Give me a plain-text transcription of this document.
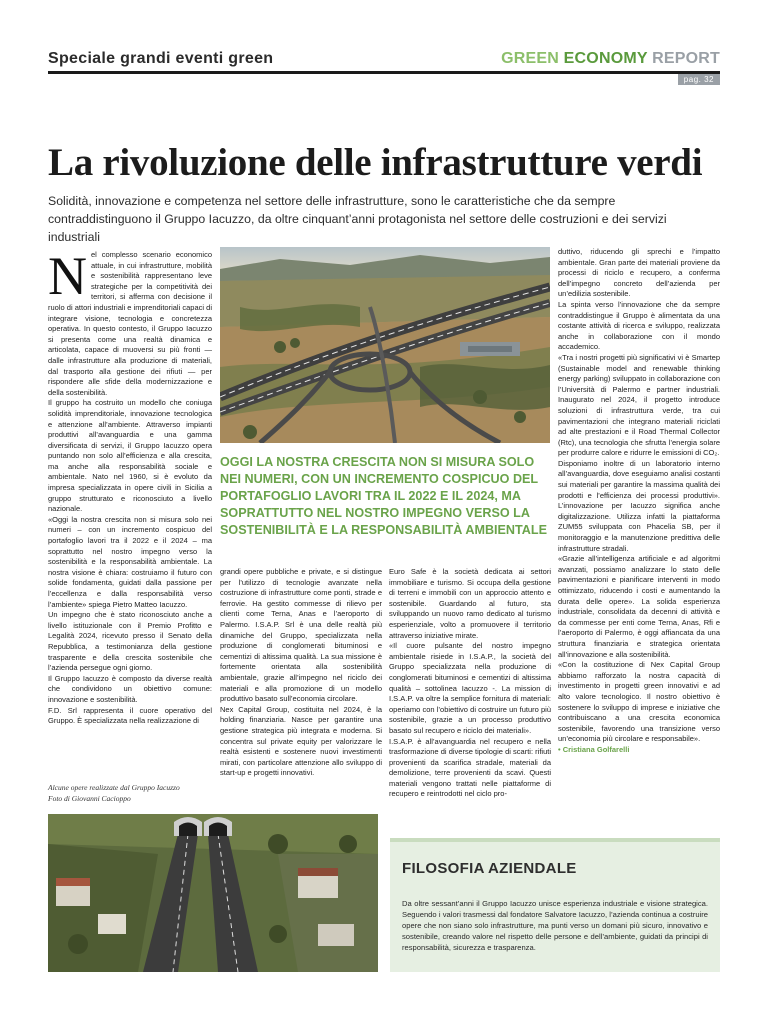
Speciale grandi eventi green	GREEN ECONOMY REPORT
pag. 32
La rivoluzione delle infrastrutture verdi

Solidità, innovazione e competenza nel settore delle infrastrutture, sono le caratteristiche che da sempre contraddistinguono il Gruppo Iacuzzo, da oltre cinquant’anni protagonista nel settore delle costruzioni e dei servizi industriali

N el complesso scenario economico attuale, in cui infrastrutture, mobilità e sostenibilità rappresentano leve strategiche per la competitività dei territori, si afferma con decisione il ruolo di attori industriali e imprenditoriali capaci di integrare visione, tecnologia e concretezza operativa. In questo contesto, il Gruppo Iacuzzo si presenta come una realtà dinamica e articolata, capace di muoversi su più fronti — dalle infrastrutture alla produzione di materiali, dal trasporto alla gestione dei rifiuti — per rispondere alle sfide della modernizzazione e della sostenibilità.

Il gruppo ha costruito un modello che coniuga solidità imprenditoriale, innovazione tecnologica e attenzione all’ambiente. Attraverso impianti produttivi all’avanguardia e una gamma diversificata di servizi, il Gruppo Iacuzzo opera puntando non solo all’efficienza e alla crescita, ma anche alla responsabilità sociale e ambientale. Nato nel 1960, si è evoluto da impresa specializzata in opere civili in Sicilia a gruppo strutturato e riconosciuto a livello nazionale.

«Oggi la nostra crescita non si misura solo nei numeri – con un incremento cospicuo del portafoglio lavori tra il 2022 e il 2024 – ma soprattutto nel nostro impegno verso la sostenibilità e la responsabilità ambientale. La nostra visione è chiara: costruiamo il futuro con solide fondamenta, guidati dalla passione per l’eccellenza e dalla responsabilità verso l’ambiente» spiega Pietro Matteo Iacuzzo.

Un impegno che è stato riconosciuto anche a livello istituzionale con il Premio Profitto e Legalità 2024, ricevuto presso il Senato della Repubblica, a testimonianza della gestione trasparente e della crescita sostenibile che l’azienda persegue ogni giorno.

Il Gruppo Iacuzzo è composto da diverse realtà che condividono un obiettivo comune: innovazione e sostenibilità.

F.D. Srl rappresenta il cuore operativo del Gruppo. È specializzata nella realizzazione di

OGGI LA NOSTRA CRESCITA NON SI MISURA SOLO NEI NUMERI, CON UN INCREMENTO COSPICUO DEL PORTAFOGLIO LAVORI TRA IL 2022 E IL 2024, MA SOPRATTUTTO NEL NOSTRO IMPEGNO VERSO LA SOSTENIBILITÀ E LA RESPONSABILITÀ AMBIENTALE
Alcune opere realizzate dal Gruppo Iacuzzo
Foto di Giovanni Cacioppo

grandi opere pubbliche e private, e si distingue per l’utilizzo di tecnologie avanzate nella costruzione di infrastrutture come ponti, strade e ferrovie. Ha gestito commesse di rilievo per clienti come Terna, Anas e l’aeroporto di Palermo. I.S.A.P. Srl è una delle realtà più dinamiche del Gruppo, specializzata nella produzione di conglomerati bituminosi e cementizi di altissima qualità. La sua missione è fortemente orientata alla sostenibilità ambientale, grazie all’impegno nel riciclo dei materiali e alla promozione di un modello produttivo basato sull’economia circolare.

Nex Capital Group, costituita nel 2024, è la holding finanziaria. Nasce per garantire una gestione strategica più integrata e moderna. Si concentra sul private equity per valorizzare le realtà esistenti e sostenere nuovi investimenti mirati, con particolare attenzione allo sviluppo di start-up e progetti innovativi.

Euro Safe è la società dedicata ai settori immobiliare e turismo. Si occupa della gestione di terreni e immobili con un approccio attento e sostenibile. Guardando al futuro, sta sviluppando un nuovo ramo dedicato al turismo esperienziale, volto a promuovere il territorio attraverso iniziative mirate.

«Il cuore pulsante del nostro impegno ambientale risiede in I.S.A.P., la società del Gruppo specializzata nella produzione di conglomerati bituminosi e cementizi di altissima qualità – sottolinea Iacuzzo -. La mission di I.S.A.P. va oltre la semplice fornitura di materiali: operiamo con l’obiettivo di costruire un futuro più sostenibile, grazie a un processo produttivo basato sul recupero e riciclo dei materiali».

I.S.A.P. è all’avanguardia nel recupero e nella trasformazione di diverse tipologie di scarti: rifiuti provenienti da scarifica stradale, materiali da demolizione, terre provenienti da scavi. Questi materiali vengono trattati nelle piattaforme di recupero e reintrodotti nel ciclo pro-

duttivo, riducendo gli sprechi e l’impatto ambientale. Gran parte dei materiali proviene da processi di riciclo e recupero, a conferma dell’impegno concreto dell’azienda per un’edilizia sostenibile.

La spinta verso l’innovazione che da sempre contraddistingue il Gruppo è alimentata da una costante attività di ricerca e sviluppo, realizzata anche in collaborazione con il mondo accademico.

«Tra i nostri progetti più significativi vi è Smartep (Sustainable model and renewable thinking energy parking) sviluppato in collaborazione con l’Università di Palermo e partner industriali. Inaugurato nel 2024, il progetto introduce soluzioni di infrastruttura verde, tra cui pavimentazioni che integrano materiali riciclati ad alte prestazioni e il Road Thermal Collector (Rtc), una tecnologia che sfrutta l’energia solare per produrre calore e ridurre le emissioni di CO₂.

Disponiamo inoltre di un laboratorio interno all’avanguardia, dove eseguiamo analisi costanti sui materiali per garantire la massima qualità dei prodotti e l’efficienza dei processi produttivi». L’innovazione per Iacuzzo significa anche digitalizzazione. Utilizza infatti la piattaforma ZUM55 sviluppata con Phacelia SB, per il monitoraggio e la manutenzione predittiva delle infrastrutture stradali.

«Grazie all’intelligenza artificiale e ad algoritmi avanzati, possiamo analizzare lo stato delle pavimentazioni e pianificare interventi in modo ottimizzato, riducendo i costi e aumentando la durata delle opere». La solida esperienza industriale, consolidata da decenni di attività e da commesse per enti come Terna, Anas, Rfi e l’aeroporto di Palermo, è oggi affiancata da una struttura finanziaria e strategica orientata all’innovazione e alla sostenibilità.

«Con la costituzione di Nex Capital Group abbiamo rafforzato la nostra capacità di investimento in progetti green innovativi e ad alto valore tecnologico. Il nostro obiettivo è sostenere lo sviluppo di imprese e iniziative che contribuiscano a una crescita economica sostenibile, favorendo una transizione verso un’economia più circolare e responsabile».

• Cristiana Golfarelli

FILOSOFIA AZIENDALE

Da oltre sessant’anni il Gruppo Iacuzzo unisce esperienza industriale e visione strategica. Seguendo i valori trasmessi dal fondatore Salvatore Iacuzzo, l’azienda continua a costruire opere che non siano solo infrastrutture, ma punti verso un domani più sicuro, innovativo e sostenibile, creando valore nel rispetto delle persone e dell’ambiente, guidati da principi di responsabilità, sicurezza e trasparenza.
